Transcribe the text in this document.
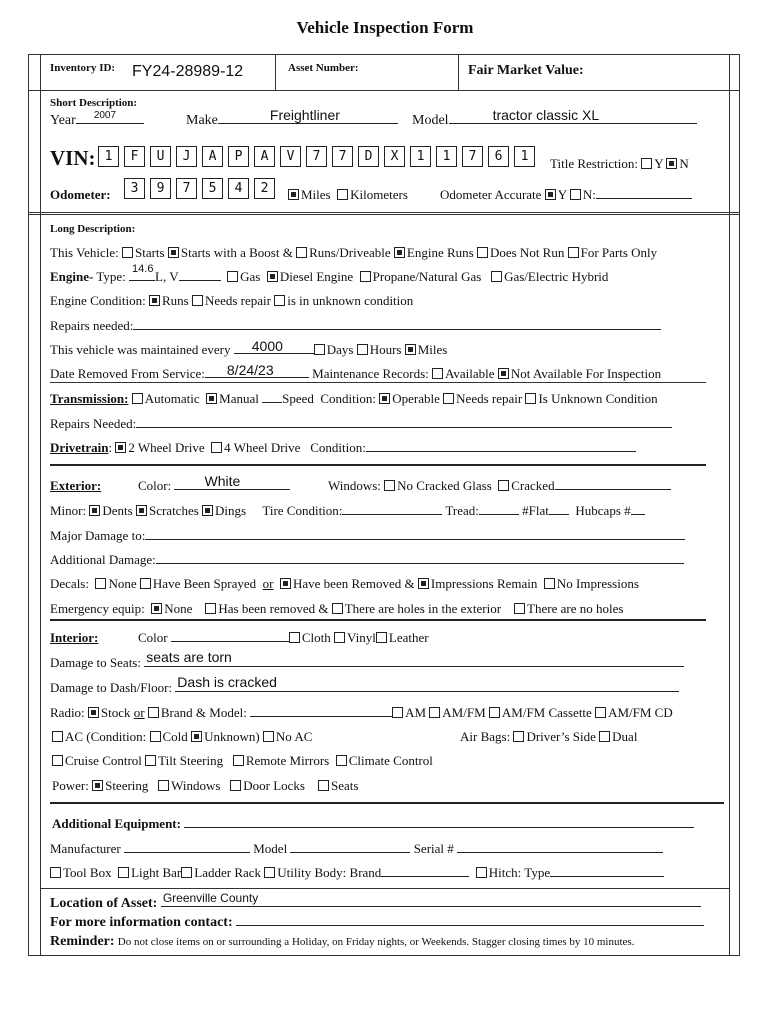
Vehicle Inspection Form
Inventory ID: FY24-28989-12	Asset Number:	Fair Market Value:
Short Description:
Year 2007	Make	Freightliner	Model	tractor classic XL
VIN: 1	F	U	J	A	P	A	V	7	7	D	X	1	1	7	6	1	Title Restriction: Y N
Odometer:	3	9	7	5	4	2	Miles Kilometers Odometer Accurate Y N:
Long Description:
This Vehicle: Starts Starts with a Boost & Runs/Driveable Engine Runs Does Not Run For Parts Only
Engine- Type: 14.6 L, V	Gas Diesel Engine Propane/Natural Gas Gas/Electric Hybrid
Engine Condition: Runs Needs repair is in unknown condition
Repairs needed:
This vehicle was maintained every 4000	Days Hours Miles
Date Removed From Service: 8/24/23	Maintenance Records: Available Not Available For Inspection
Transmission: Automatic Manual Speed Condition: Operable Needs repair Is Unknown Condition
Repairs Needed:
Drivetrain: 2 Wheel Drive 4 Wheel Drive Condition:
Exterior:	Color: White	Windows: No Cracked Glass Cracked
Minor: Dents Scratches Dings Tire Condition:	Tread:	#Flat Hubcaps #
Major Damage to:
Additional Damage:
Decals: None Have Been Sprayed or Have been Removed & Impressions Remain No Impressions
Emergency equip: None Has been removed & There are holes in the exterior There are no holes
Interior:	Color	Cloth Vinyl Leather
Damage to Seats: seats are torn
Damage to Dash/Floor: Dash is cracked
Radio: Stock or Brand & Model:	AM AM/FM AM/FM Cassette AM/FM CD
AC (Condition: Cold Unknown) No AC	Air Bags: Driver’s Side Dual
Cruise Control Tilt Steering Remote Mirrors Climate Control
Power: Steering Windows Door Locks Seats
Additional Equipment:
Manufacturer	Model	Serial #
Tool Box Light Bar Ladder Rack Utility Body: Brand	Hitch: Type
Location of Asset: Greenville County
For more information contact:
Reminder: Do not close items on or surrounding a Holiday, on Friday nights, or Weekends. Stagger closing times by 10 minutes.
